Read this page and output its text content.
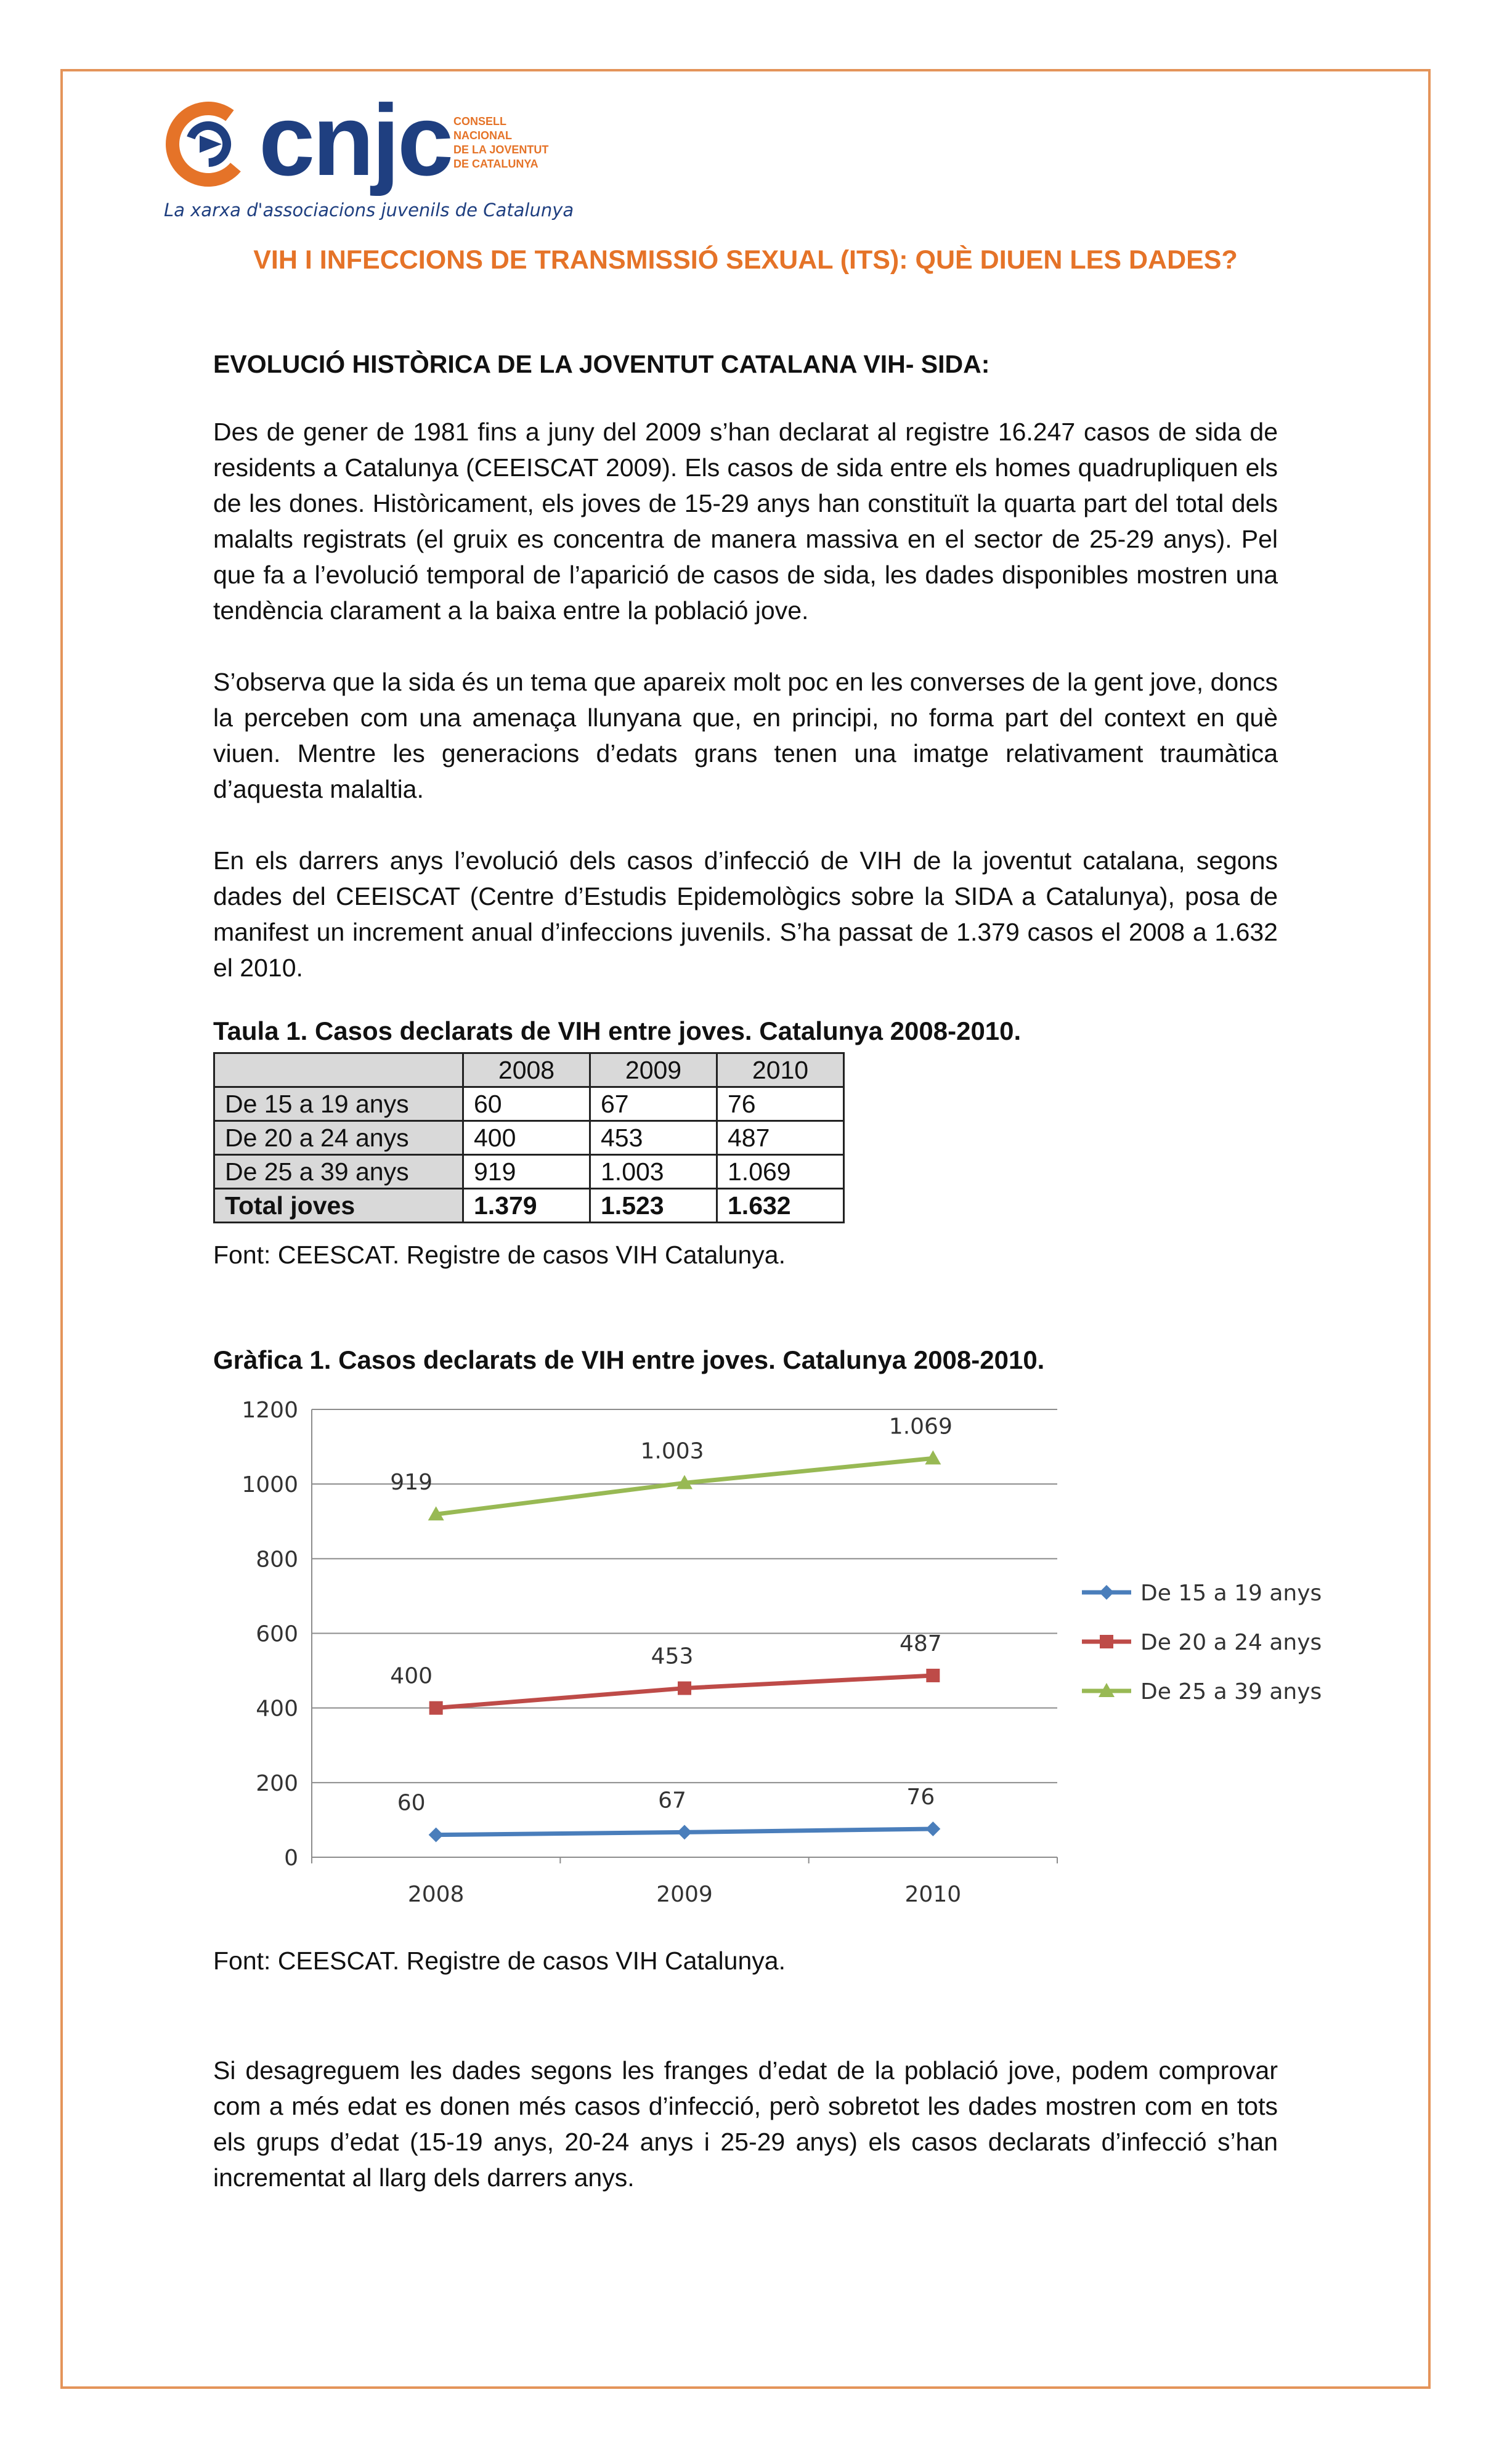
cnjc CONSELL
NACIONAL
DE LA JOVENTUT
DE CATALUNYA
La xarxa d'associacions juvenils de Catalunya
VIH I INFECCIONS DE TRANSMISSIÓ SEXUAL (ITS): QUÈ DIUEN LES DADES?
EVOLUCIÓ HISTÒRICA DE LA JOVENTUT CATALANA VIH- SIDA:
Des de gener de 1981 fins a juny del 2009 s’han declarat al registre 16.247 casos de sida de residents a Catalunya (CEEISCAT 2009). Els casos de sida entre els homes quadrupliquen els de les dones. Històricament, els joves de 15-29 anys han constituït la quarta part del total dels malalts registrats (el gruix es concentra de manera massiva en el sector de 25-29 anys). Pel que fa a l’evolució temporal de l’aparició de casos de sida, les dades disponibles mostren una tendència clarament a la baixa entre la població jove.
S’observa que la sida és un tema que apareix molt poc en les converses de la gent jove, doncs la perceben com una amenaça llunyana que, en principi, no forma part del context en què viuen. Mentre les generacions d’edats grans tenen una imatge relativament traumàtica d’aquesta malaltia.
En els darrers anys l’evolució dels casos d’infecció de VIH de la joventut catalana, segons dades del CEEISCAT (Centre d’Estudis Epidemològics sobre la SIDA a Catalunya), posa de manifest un increment anual d’infeccions juvenils. S’ha passat de 1.379 casos el 2008 a 1.632 el 2010.
Taula 1. Casos declarats de VIH entre joves. Catalunya 2008-2010.
	2008	2009	2010
De 15 a 19 anys	60	67	76
De 20 a 24 anys	400	453	487
De 25 a 39 anys	919	1.003	1.069
Total joves	1.379	1.523	1.632
Font: CEESCAT. Registre de casos VIH Catalunya.
Gràfica 1. Casos declarats de VIH entre joves. Catalunya 2008-2010.
0
200
400
600
800
1000
1200
2008	2009	2010
60	67	76
De 15 a 19 anys
400
453
487	De 20 a 24 anys
919
1.003
1.069
De 25 a 39 anys
Font: CEESCAT. Registre de casos VIH Catalunya.
Si desagreguem les dades segons les franges d’edat de la població jove, podem comprovar com a més edat es donen més casos d’infecció, però sobretot les dades mostren com en tots els grups d’edat (15-19 anys, 20-24 anys i 25-29 anys) els casos declarats d’infecció s’han incrementat al llarg dels darrers anys.
